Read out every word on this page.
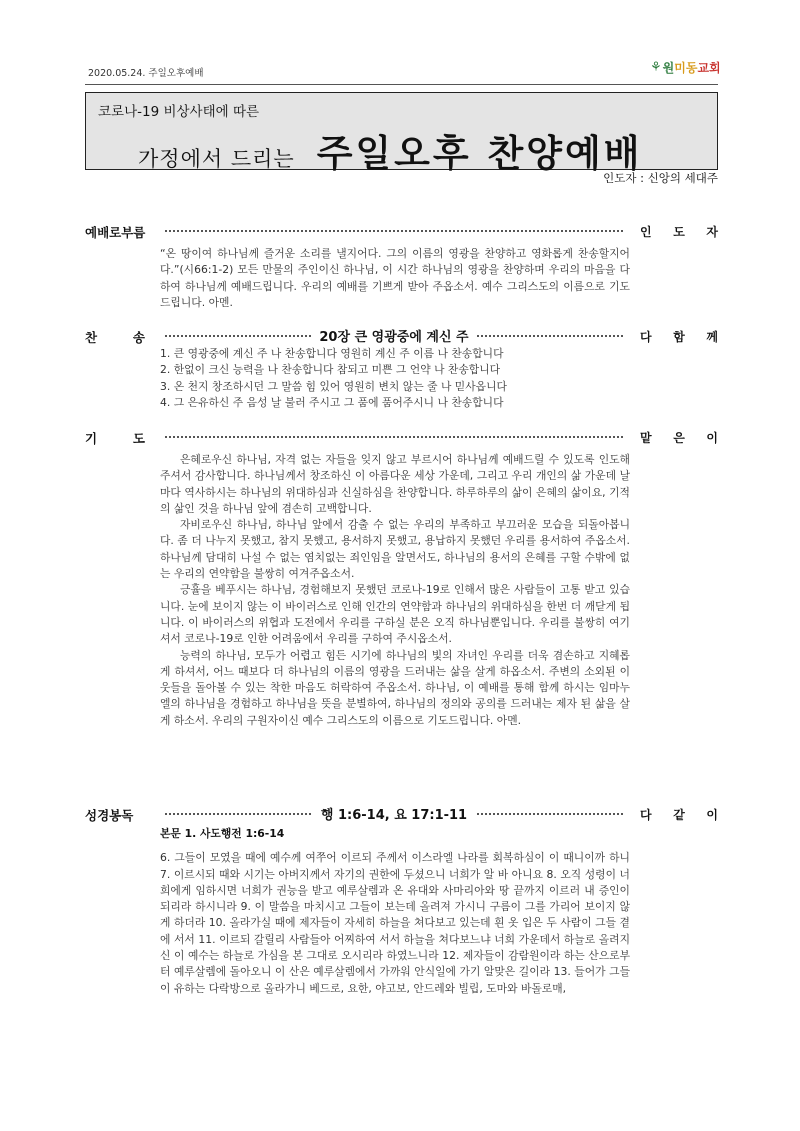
2020.05.24. 주일오후예배	⚘ 원 미동 교회
코로나-19 비상사태에 따른
가정에서 드리는 주일오후 찬양예배
인도자 : 신앙의 세대주
예배로부름	인 도 자

“온 땅이여 하나님께 즐거운 소리를 낼지어다. 그의 이름의 영광을 찬양하고 영화롭게 찬송할지어다.”(시66:1-2) 모든 만물의 주인이신 하나님, 이 시간 하나님의 영광을 찬양하며 우리의 마음을 다하여 하나님께 예배드립니다. 우리의 예배를 기쁘게 받아 주옵소서. 예수 그리스도의 이름으로 기도드립니다. 아멘.

찬	송	20장 큰 영광중에 계신 주	다 함 께
1. 큰 영광중에 계신 주 나 찬송합니다 영원히 계신 주 이름 나 찬송합니다
2. 한없이 크신 능력을 나 찬송합니다 참되고 미쁜 그 언약 나 찬송합니다
3. 온 천지 창조하시던 그 말씀 힘 있어 영원히 변치 않는 줄 나 믿사옵니다
4. 그 은유하신 주 음성 날 불러 주시고 그 품에 품어주시니 나 찬송합니다
기	도	맡 은 이

은혜로우신 하나님, 자격 없는 자들을 잊지 않고 부르시어 하나님께 예배드릴 수 있도록 인도해 주셔서 감사합니다. 하나님께서 창조하신 이 아름다운 세상 가운데, 그리고 우리 개인의 삶 가운데 날마다 역사하시는 하나님의 위대하심과 신실하심을 찬양합니다. 하루하루의 삶이 은혜의 삶이요, 기적의 삶인 것을 하나님 앞에 겸손히 고백합니다.

자비로우신 하나님, 하나님 앞에서 감출 수 없는 우리의 부족하고 부끄러운 모습을 되돌아봅니다. 좀 더 나누지 못했고, 참지 못했고, 용서하지 못했고, 용납하지 못했던 우리를 용서하여 주옵소서. 하나님께 담대히 나설 수 없는 염치없는 죄인임을 알면서도, 하나님의 용서의 은혜를 구할 수밖에 없는 우리의 연약함을 불쌍히 여겨주옵소서.

긍휼을 베푸시는 하나님, 경험해보지 못했던 코로나-19로 인해서 많은 사람들이 고통 받고 있습니다. 눈에 보이지 않는 이 바이러스로 인해 인간의 연약함과 하나님의 위대하심을 한번 더 깨닫게 됩니다. 이 바이러스의 위협과 도전에서 우리를 구하실 분은 오직 하나님뿐입니다. 우리를 불쌍히 여기셔서 코로나-19로 인한 어려움에서 우리를 구하여 주시옵소서.

능력의 하나님, 모두가 어렵고 힘든 시기에 하나님의 빛의 자녀인 우리를 더욱 겸손하고 지혜롭게 하셔서, 어느 때보다 더 하나님의 이름의 영광을 드러내는 삶을 살게 하옵소서. 주변의 소외된 이웃들을 돌아볼 수 있는 착한 마음도 허락하여 주옵소서. 하나님, 이 예배를 통해 함께 하시는 임마누엘의 하나님을 경험하고 하나님을 뜻을 분별하여, 하나님의 정의와 공의를 드러내는 제자 된 삶을 살게 하소서. 우리의 구원자이신 예수 그리스도의 이름으로 기도드립니다. 아멘.

성경봉독	행 1:6-14, 요 17:1-11	다 같 이
본문 1. 사도행전 1:6-14

6. 그들이 모였을 때에 예수께 여쭈어 이르되 주께서 이스라엘 나라를 회복하심이 이 때니이까 하니 7. 이르시되 때와 시기는 아버지께서 자기의 권한에 두셨으니 너희가 알 바 아니요 8. 오직 성령이 너희에게 임하시면 너희가 권능을 받고 예루살렘과 온 유대와 사마리아와 땅 끝까지 이르러 내 증인이 되리라 하시니라 9. 이 말씀을 마치시고 그들이 보는데 올려져 가시니 구름이 그를 가리어 보이지 않게 하더라 10. 올라가실 때에 제자들이 자세히 하늘을 쳐다보고 있는데 흰 옷 입은 두 사람이 그들 곁에 서서 11. 이르되 갈릴리 사람들아 어찌하여 서서 하늘을 쳐다보느냐 너희 가운데서 하늘로 올려지신 이 예수는 하늘로 가심을 본 그대로 오시리라 하였느니라 12. 제자들이 감람원이라 하는 산으로부터 예루살렘에 돌아오니 이 산은 예루살렘에서 가까워 안식일에 가기 알맞은 길이라 13. 들어가 그들이 유하는 다락방으로 올라가니 베드로, 요한, 야고보, 안드레와 빌립, 도마와 바돌로매,
